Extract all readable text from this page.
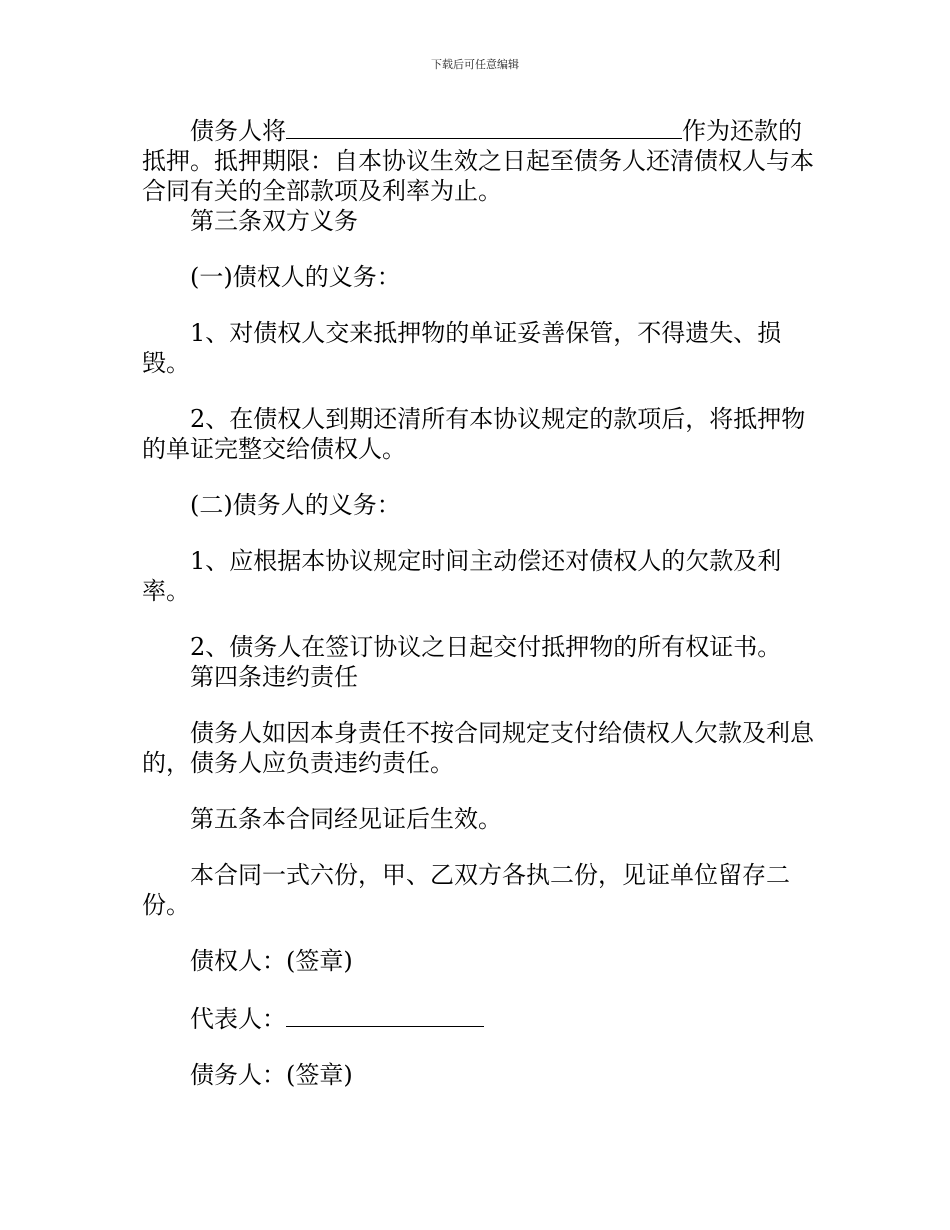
下载后可任意编辑

债务人将	作为还款的抵押。抵押期限：自本协议生效之日起至债务人还清债权人与本合同有关的全部款项及利率为止。

第三条双方义务

(一)债权人的义务：

1、对债权人交来抵押物的单证妥善保管，不得遗失、损毁。

2、在债权人到期还清所有本协议规定的款项后，将抵押物的单证完整交给债权人。

(二)债务人的义务：

1、应根据本协议规定时间主动偿还对债权人的欠款及利率。

2、债务人在签订协议之日起交付抵押物的所有权证书。

第四条违约责任

债务人如因本身责任不按合同规定支付给债权人欠款及利息的，债务人应负责违约责任。

第五条本合同经见证后生效。

本合同一式六份，甲、乙双方各执二份，见证单位留存二份。

债权人：(签章)

代表人：

债务人：(签章)
